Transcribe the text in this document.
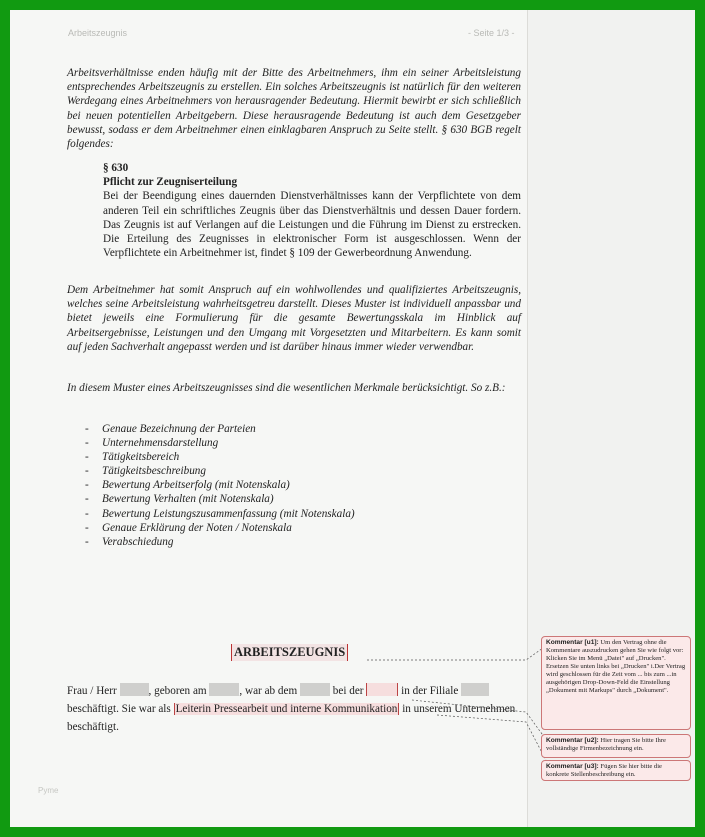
Arbeitszeugnis	- Seite 1/3 -
Arbeitsverhältnisse enden häufig mit der Bitte des Arbeitnehmers, ihm ein seiner Arbeitsleistung entsprechendes Arbeitszeugnis zu erstellen. Ein solches Arbeitszeugnis ist natürlich für den weiteren Werdegang eines Arbeitnehmers von herausragender Bedeutung. Hiermit bewirbt er sich schließlich bei neuen potentiellen Arbeitgebern. Diese herausragende Bedeutung ist auch dem Gesetzgeber bewusst, sodass er dem Arbeitnehmer einen einklagbaren Anspruch zu Seite stellt. § 630 BGB regelt folgendes:
§ 630
Pflicht zur Zeugniserteilung
Bei der Beendigung eines dauernden Dienstverhältnisses kann der Verpflichtete von dem anderen Teil ein schriftliches Zeugnis über das Dienstverhältnis und dessen Dauer fordern. Das Zeugnis ist auf Verlangen auf die Leistungen und die Führung im Dienst zu erstrecken. Die Erteilung des Zeugnisses in elektronischer Form ist ausgeschlossen. Wenn der Verpflichtete ein Arbeitnehmer ist, findet § 109 der Gewerbeordnung Anwendung.
Dem Arbeitnehmer hat somit Anspruch auf ein wohlwollendes und qualifiziertes Arbeitszeugnis, welches seine Arbeitsleistung wahrheitsgetreu darstellt. Dieses Muster ist individuell anpassbar und bietet jeweils eine Formulierung für die gesamte Bewertungsskala im Hinblick auf Arbeitsergebnisse, Leistungen und den Umgang mit Vorgesetzten und Mitarbeitern. Es kann somit auf jeden Sachverhalt angepasst werden und ist darüber hinaus immer wieder verwendbar.
In diesem Muster eines Arbeitszeugnisses sind die wesentlichen Merkmale berücksichtigt. So z.B.:
-	Genaue Bezeichnung der Parteien
-	Unternehmensdarstellung
-	Tätigkeitsbereich
-	Tätigkeitsbeschreibung
-	Bewertung Arbeitserfolg (mit Notenskala)
-	Bewertung Verhalten (mit Notenskala)
-	Bewertung Leistungszusammenfassung (mit Notenskala)
-	Genaue Erklärung der Noten / Notenskala
-	Verabschiedung
ARBEITSZEUGNIS
Frau / Herr	, geboren am	, war ab dem	bei der	in der Filiale
beschäftigt. Sie war als Leiterin Pressearbeit und interne Kommunikation in unserem Unternehmen beschäftigt.
Pyme
Kommentar [u1]: Um den Vertrag ohne die Kommentare auszudrucken gehen Sie wie folgt vor: Klicken Sie im Menü „Datei" auf „Drucken". Ersetzen Sie unten links bei „Drucken" i.Der Vertrag wird geschlossen für die Zeit vom ... bis zum ...in ausgehörigen Drop-Down-Feld die Einstellung „Dokument mit Markups" durch „Dokument".
Kommentar [u2]: Hier tragen Sie bitte Ihre vollständige Firmenbezeichnung ein.
Kommentar [u3]: Fügen Sie hier bitte die konkrete Stellenbeschreibung ein.
